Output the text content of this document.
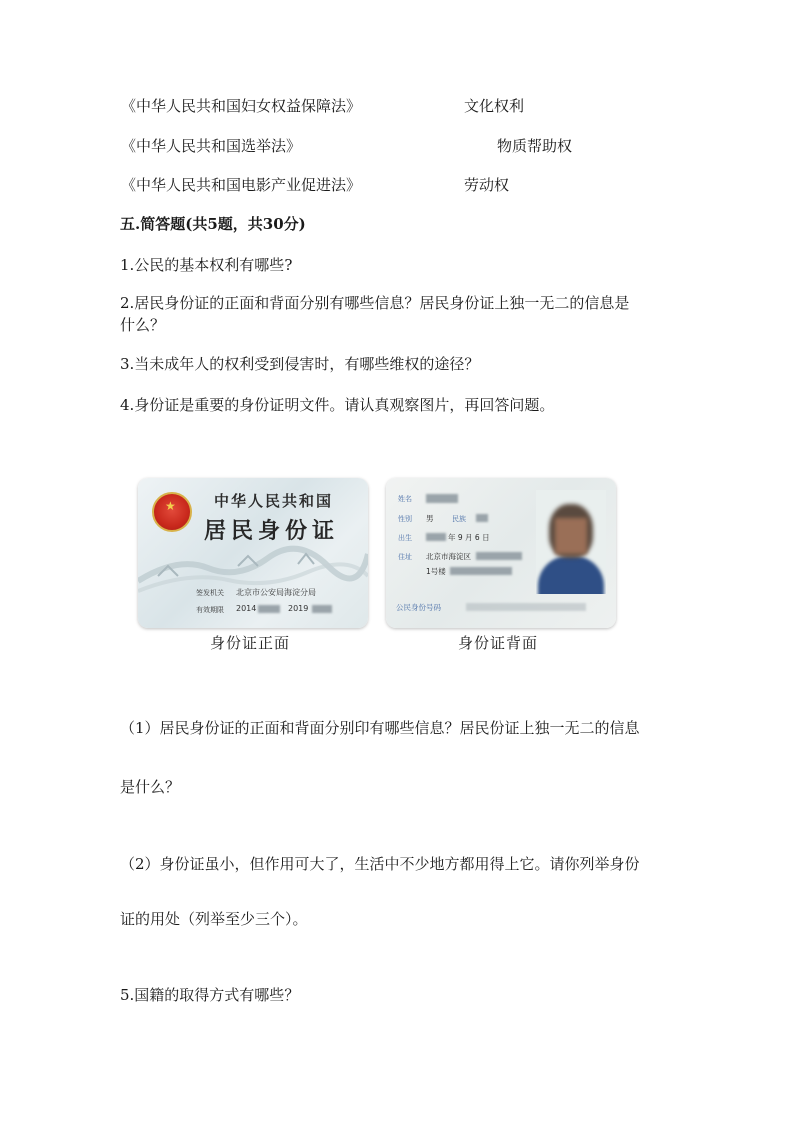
《中华人民共和国妇女权益保障法》	文化权利
《中华人民共和国选举法》	物质帮助权
《中华人民共和国电影产业促进法》	劳动权
五.简答题(共5题，共30分)
1.公民的基本权利有哪些?
2.居民身份证的正面和背面分别有哪些信息？居民身份证上独一无二的信息是
什么？
3.当未成年人的权利受到侵害时，有哪些维权的途径？
4.身份证是重要的身份证明文件。请认真观察图片，再回答问题。
★	中华人民共和国
居民身份证
签发机关 北京市公安局海淀分局
有效期限 2014	2019
姓名
性别 男	民族
出生	年 9 月 6 日
住址 北京市海淀区
1号楼
公民身份号码
身份证正面	身份证背面
（1）居民身份证的正面和背面分别印有哪些信息？居民份证上独一无二的信息
是什么？
（2）身份证虽小，但作用可大了，生活中不少地方都用得上它。请你列举身份
证的用处（列举至少三个）。
5.国籍的取得方式有哪些？
